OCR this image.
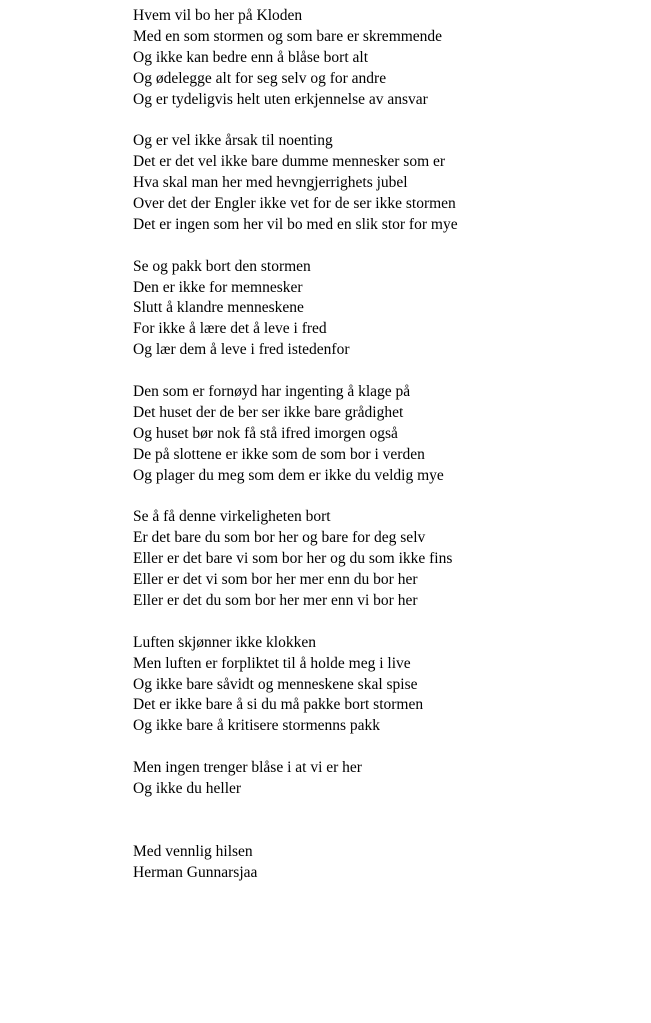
Hvem vil bo her på Kloden
Med en som stormen og som bare er skremmende
Og ikke kan bedre enn å blåse bort alt
Og ødelegge alt for seg selv og for andre
Og er tydeligvis helt uten erkjennelse av ansvar
Og er vel ikke årsak til noenting
Det er det vel ikke bare dumme mennesker som er
Hva skal man her med hevngjerrighets jubel
Over det der Engler ikke vet for de ser ikke stormen
Det er ingen som her vil bo med en slik stor for mye
Se og pakk bort den stormen
Den er ikke for memnesker
Slutt å klandre menneskene
For ikke å lære det å leve i fred
Og lær dem å leve i fred istedenfor
Den som er fornøyd har ingenting å klage på
Det huset der de ber ser ikke bare grådighet
Og huset bør nok få stå ifred imorgen også
De på slottene er ikke som de som bor i verden
Og plager du meg som dem er ikke du veldig mye
Se å få denne virkeligheten bort
Er det bare du som bor her og bare for deg selv
Eller er det bare vi som bor her og du som ikke fins
Eller er det vi som bor her mer enn du bor her
Eller er det du som bor her mer enn vi bor her
Luften skjønner ikke klokken
Men luften er forpliktet til å holde meg i live
Og ikke bare såvidt og menneskene skal spise
Det er ikke bare å si du må pakke bort stormen
Og ikke bare å kritisere stormenns pakk
Men ingen trenger blåse i at vi er her
Og ikke du heller
Med vennlig hilsen
Herman Gunnarsjaa
